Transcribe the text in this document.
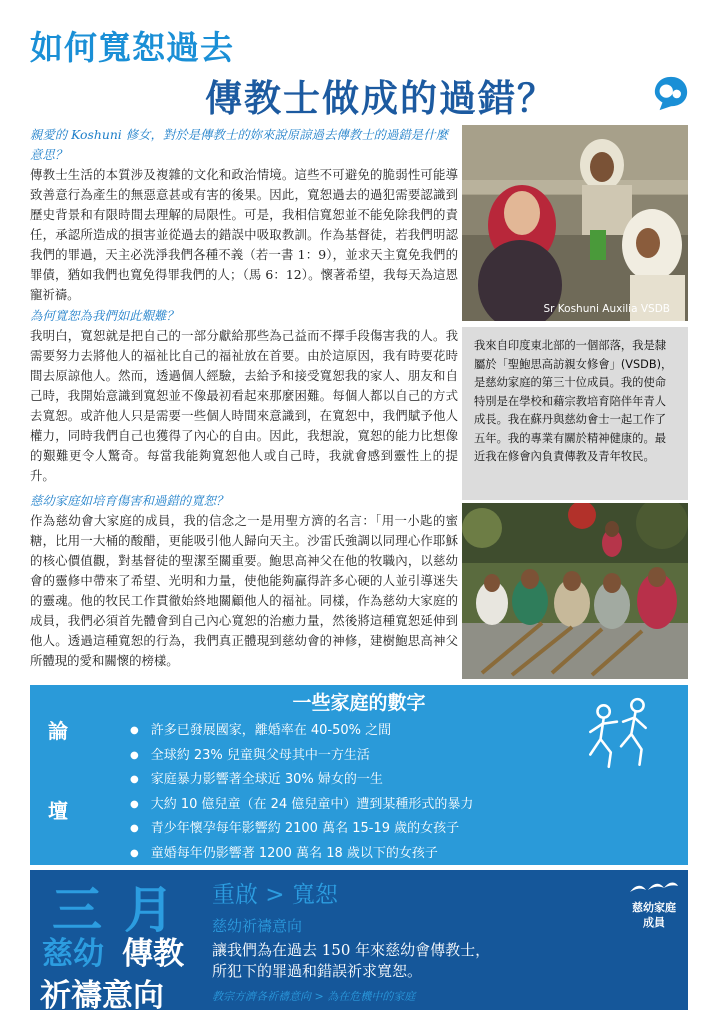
如何寬恕過去
傳教士做成的過錯？
親愛的 Koshuni 修女，對於是傳教士的妳來說原諒過去傳教士的過錯是什麼意思？
傳教士生活的本質涉及複雜的文化和政治情境。這些不可避免的脆弱性可能導致善意行為產生的無惡意甚或有害的後果。因此，寬恕過去的過犯需要認識到歷史背景和有限時間去理解的局限性。可是，我相信寬恕並不能免除我們的責任，承認所造成的損害並從過去的錯誤中吸取教訓。作為基督徒，若我們明認我們的罪過，天主必洗淨我們各種不義（若一書 1：9），並求天主寬免我們的罪債，猶如我們也寬免得罪我們的人；（馬 6：12）。懷著希望，我每天為這恩寵祈禱。
為何寬恕為我們如此艱難？
我明白，寬恕就是把自己的一部分獻給那些為己益而不擇手段傷害我的人。我需要努力去將他人的福祉比自己的福祉放在首要。由於這原因，我有時要花時間去原諒他人。然而，透過個人經驗，去給予和接受寬恕我的家人、朋友和自己時，我開始意識到寬恕並不像最初看起來那麼困難。每個人都以自己的方式去寬恕。或許他人只是需要一些個人時間來意識到，在寬恕中，我們賦予他人權力，同時我們自己也獲得了內心的自由。因此，我想說，寬恕的能力比想像的艱難更令人驚奇。每當我能夠寬恕他人或自己時，我就會感到靈性上的提升。
慈幼家庭如培育傷害和過錯的寬恕？
作為慈幼會大家庭的成員，我的信念之一是用聖方濟的名言：「用一小匙的蜜 糖，比用一大桶的酸醋，更能吸引他人歸向天主。沙雷氏強調以同理心作耶穌的核心價值觀，對基督徒的聖潔至關重要。鮑思高神父在他的牧職內，以慈幼會的靈修中帶來了希望、光明和力量，使他能夠贏得許多心硬的人並引導迷失的靈魂。他的牧民工作貫徹始終地關顧他人的福祉。同樣，作為慈幼大家庭的成員，我們必須首先體會到自己內心寬恕的治癒力量，然後將這種寬恕延伸到他人。透過這種寬恕的行為，我們真正體現到慈幼會的神修，建樹鮑思高神父所體現的愛和關懷的榜樣。
Sr Koshuni Auxilia VSDB
我來自印度東北部的一個部落，我是隸屬於「聖鮑思高訪親女修會」(VSDB)，是慈幼家庭的第三十位成員。我的使命特別是在學校和藉宗教培育陪伴年青人成長。我在蘇丹與慈幼會士一起工作了五年。我的專業有關於精神健康的。最近我在修會內負責傳教及青年牧民。
一些家庭的數字
論
壇
● 許多已發展國家，離婚率在 40-50% 之間
● 全球約 23% 兒童與父母其中一方生活
● 家庭暴力影響著全球近 30% 婦女的一生
● 大約 10 億兒童（在 24 億兒童中）遭到某種形式的暴力
● 青少年懷孕每年影響約 2100 萬名 15-19 歲的女孩子
● 童婚每年仍影響著 1200 萬名 18 歲以下的女孩子
三月
慈幼 傳教
祈禱意向
重啟 > 寬恕
慈幼祈禱意向
讓我們為在過去 150 年來慈幼會傳教士，
所犯下的罪過和錯誤祈求寬恕。
教宗方濟各祈禱意向 > 為在危機中的家庭
慈幼家庭
成員
